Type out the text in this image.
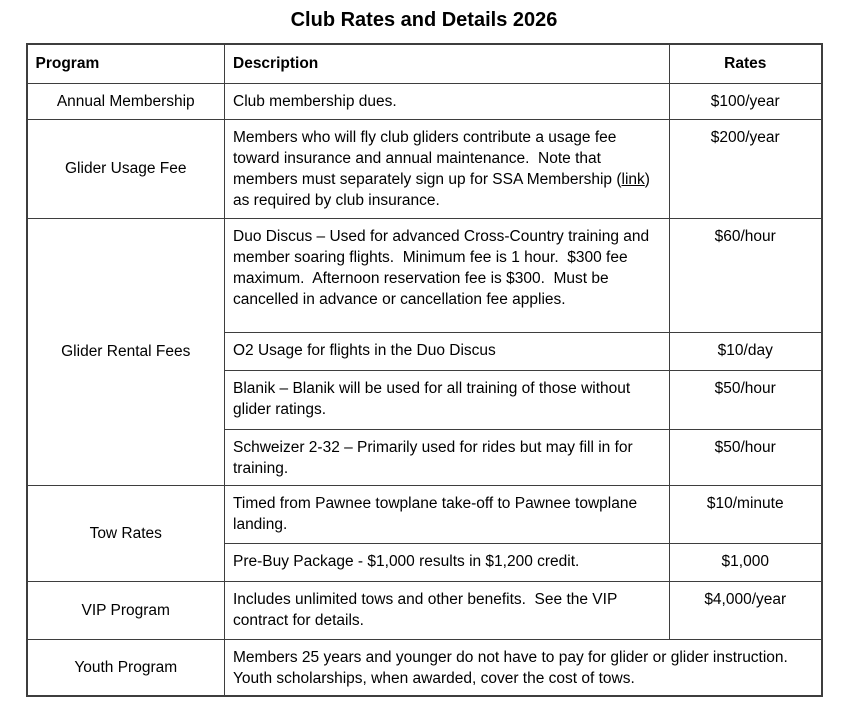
Club Rates and Details 2026
Program	Description	Rates
Annual Membership	Club membership dues.	$100/year
Glider Usage Fee	Members who will fly club gliders contribute a usage fee toward insurance and annual maintenance.  Note that members must separately sign up for SSA Membership (link) as required by club insurance.	$200/year
Glider Rental Fees	Duo Discus – Used for advanced Cross-Country training and member soaring flights.  Minimum fee is 1 hour.  $300 fee maximum.  Afternoon reservation fee is $300.  Must be cancelled in advance or cancellation fee applies.	$60/hour
	O2 Usage for flights in the Duo Discus	$10/day
	Blanik – Blanik will be used for all training of those without glider ratings.	$50/hour
	Schweizer 2-32 – Primarily used for rides but may fill in for training.	$50/hour
Tow Rates	Timed from Pawnee towplane take-off to Pawnee towplane landing.	$10/minute
	Pre-Buy Package - $1,000 results in $1,200 credit.	$1,000
VIP Program	Includes unlimited tows and other benefits.  See the VIP contract for details.	$4,000/year
Youth Program	Members 25 years and younger do not have to pay for glider or glider instruction.  Youth scholarships, when awarded, cover the cost of tows.	
